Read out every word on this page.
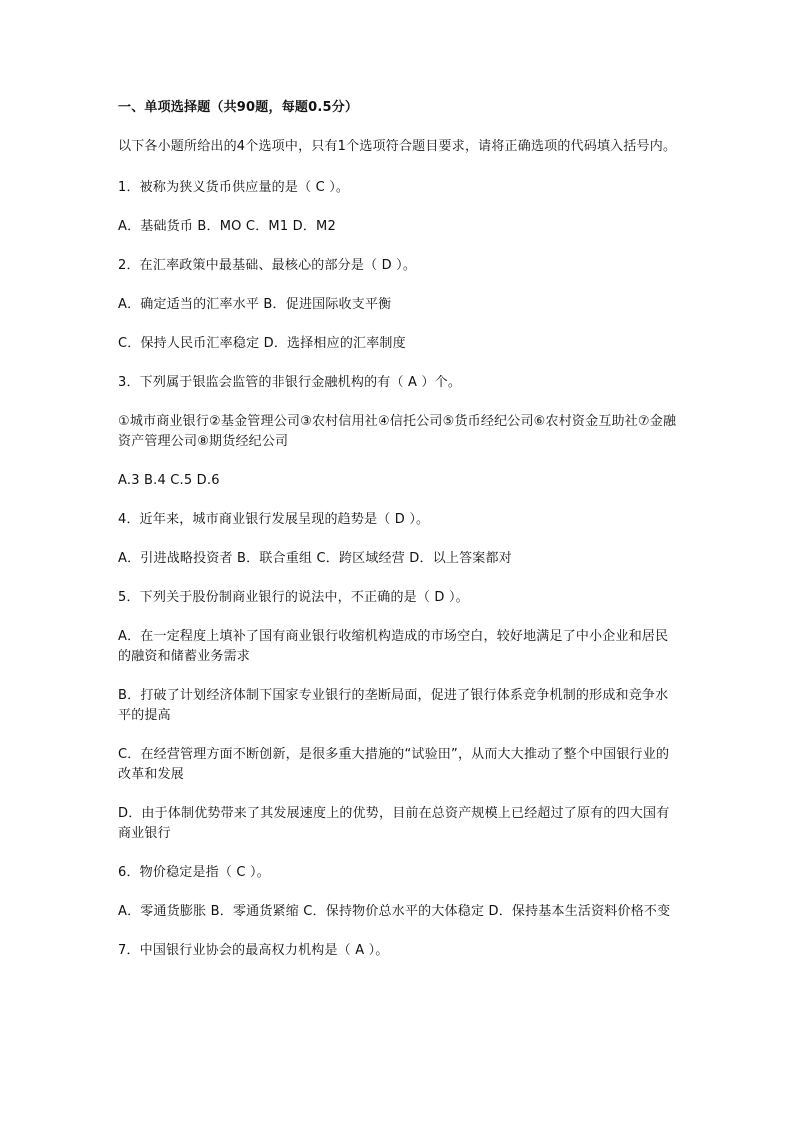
一、单项选择题（共90题，每题0.5分）

以下各小题所给出的4个选项中，只有1个选项符合题目要求，请将正确选项的代码填入括号内。

1．被称为狭义货币供应量的是（ C ）。

A．基础货币 B．MO C．M1 D．M2

2．在汇率政策中最基础、最核心的部分是（ D ）。

A．确定适当的汇率水平 B．促进国际收支平衡

C．保持人民币汇率稳定 D．选择相应的汇率制度

3．下列属于银监会监管的非银行金融机构的有（ A ）个。

①城市商业银行②基金管理公司③农村信用社④信托公司⑤货币经纪公司⑥农村资金互助社⑦金融资产管理公司⑧期货经纪公司

A.3 B.4 C.5 D.6

4．近年来，城市商业银行发展呈现的趋势是（ D ）。

A．引进战略投资者 B．联合重组 C．跨区域经营 D．以上答案都对

5．下列关于股份制商业银行的说法中，不正确的是（ D ）。

A．在一定程度上填补了国有商业银行收缩机构造成的市场空白，较好地满足了中小企业和居民的融资和储蓄业务需求

B．打破了计划经济体制下国家专业银行的垄断局面，促进了银行体系竞争机制的形成和竞争水平的提高

C．在经营管理方面不断创新，是很多重大措施的“试验田”，从而大大推动了整个中国银行业的改革和发展

D．由于体制优势带来了其发展速度上的优势，目前在总资产规模上已经超过了原有的四大国有商业银行

6．物价稳定是指（ C ）。

A．零通货膨胀 B．零通货紧缩 C．保持物价总水平的大体稳定 D．保持基本生活资料价格不变

7．中国银行业协会的最高权力机构是（ A ）。
